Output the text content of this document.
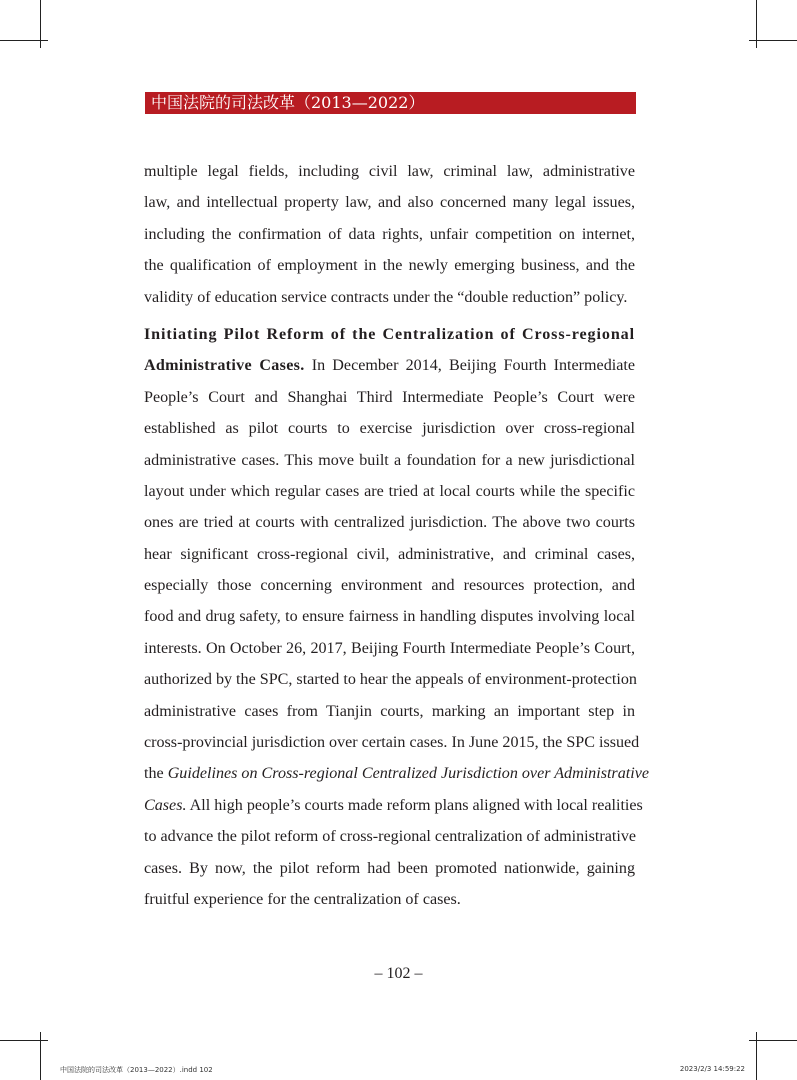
中国法院的司法改革（2013—2022）
multiple legal fields, including civil law, criminal law, administrative
law, and intellectual property law, and also concerned many legal issues,
including the confirmation of data rights, unfair competition on internet,
the qualification of employment in the newly emerging business, and the
validity of education service contracts under the “double reduction” policy.
Initiating Pilot Reform of the Centralization of Cross-regional
Administrative Cases. In December 2014, Beijing Fourth Intermediate
People’s Court and Shanghai Third Intermediate People’s Court were
established as pilot courts to exercise jurisdiction over cross-regional
administrative cases. This move built a foundation for a new jurisdictional
layout under which regular cases are tried at local courts while the specific
ones are tried at courts with centralized jurisdiction. The above two courts
hear significant cross-regional civil, administrative, and criminal cases,
especially those concerning environment and resources protection, and
food and drug safety, to ensure fairness in handling disputes involving local
interests. On October 26, 2017, Beijing Fourth Intermediate People’s Court,
authorized by the SPC, started to hear the appeals of environment-protection
administrative cases from Tianjin courts, marking an important step in
cross-provincial jurisdiction over certain cases. In June 2015, the SPC issued
the Guidelines on Cross-regional Centralized Jurisdiction over Administrative
Cases. All high people’s courts made reform plans aligned with local realities
to advance the pilot reform of cross-regional centralization of administrative
cases. By now, the pilot reform had been promoted nationwide, gaining
fruitful experience for the centralization of cases.
– 102 –
中国法院的司法改革（2013—2022）.indd 102	2023/2/3 14:59:22
